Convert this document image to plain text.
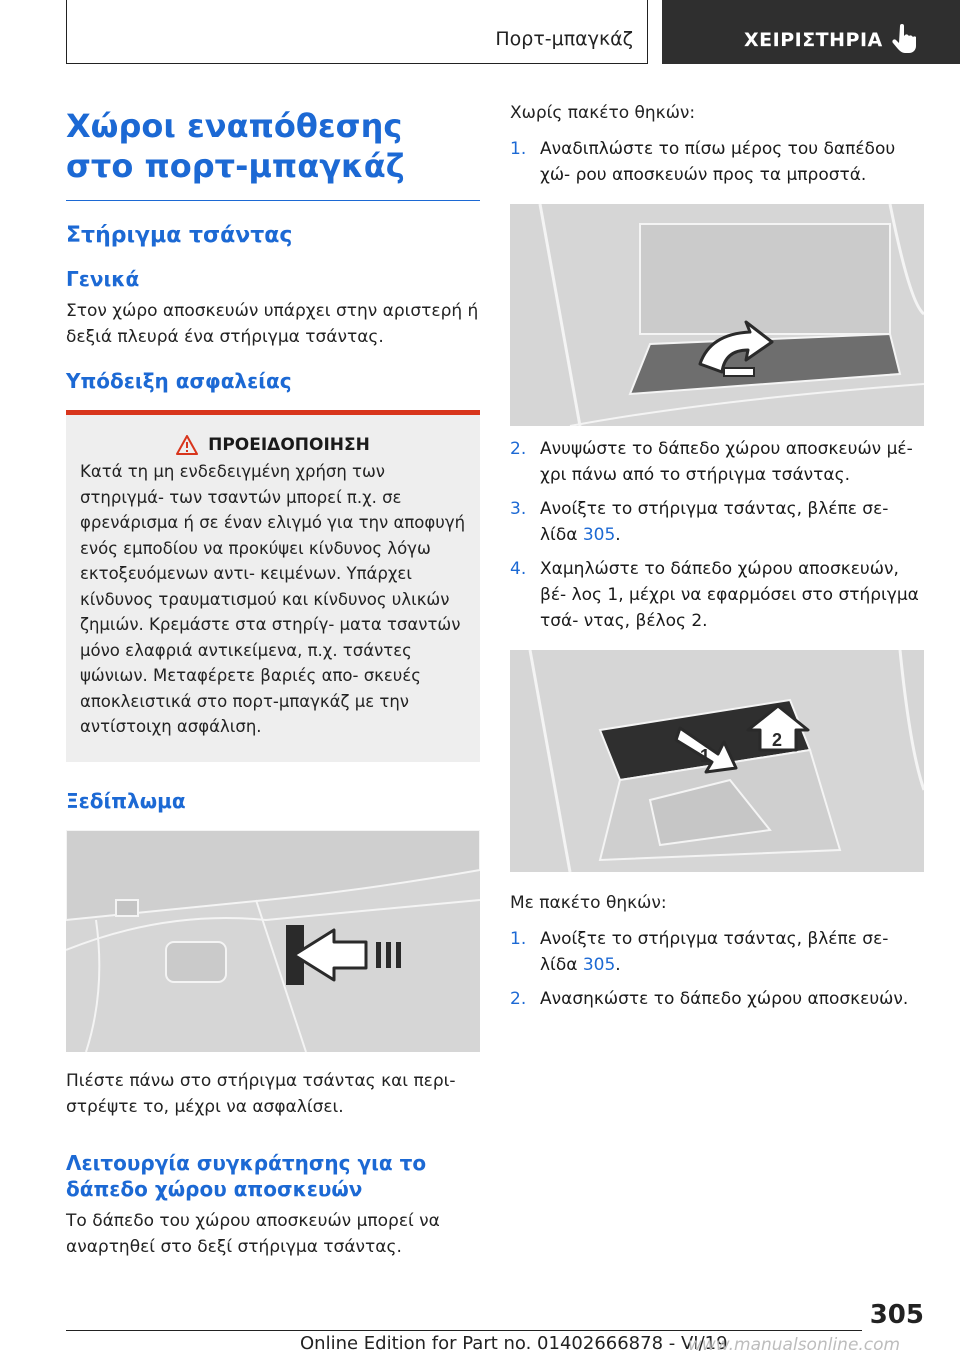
Πορτ-μπαγκάζ	ΧΕΙΡΙΣΤΗΡΙΑ
Χώροι εναπόθεσης στο πορτ-μπαγκάζ
Στήριγμα τσάντας
Γενικά

Στον χώρο αποσκευών υπάρχει στην αριστερή ή δεξιά πλευρά ένα στήριγμα τσάντας.

Υπόδειξη ασφαλείας
ΠΡΟΕΙΔΟΠΟΙΗΣΗ

Κατά τη μη ενδεδειγμένη χρήση των στηριγμά- των τσαντών μπορεί π.χ. σε φρενάρισμα ή σε έναν ελιγμό για την αποφυγή ενός εμποδίου να προκύψει κίνδυνος λόγω εκτοξευόμενων αντι- κειμένων. Υπάρχει κίνδυνος τραυματισμού και κίνδυνος υλικών ζημιών. Κρεμάστε στα στηρίγ- ματα τσαντών μόνο ελαφριά αντικείμενα, π.χ. τσάντες ψώνιων. Μεταφέρετε βαριές απο- σκευές αποκλειστικά στο πορτ-μπαγκάζ με την αντίστοιχη ασφάλιση.

Ξεδίπλωμα

Πιέστε πάνω στο στήριγμα τσάντας και περι- στρέψτε το, μέχρι να ασφαλίσει.

Λειτουργία συγκράτησης για το δάπεδο χώρου αποσκευών

Το δάπεδο του χώρου αποσκευών μπορεί να αναρτηθεί στο δεξί στήριγμα τσάντας.

Χωρίς πακέτο θηκών:

1. Αναδιπλώστε το πίσω μέρος του δαπέδου χώ- ρου αποσκευών προς τα μπροστά.
2. Ανυψώστε το δάπεδο χώρου αποσκευών μέ- χρι πάνω από το στήριγμα τσάντας.
3. Ανοίξτε το στήριγμα τσάντας, βλέπε σε- λίδα 305.
4. Χαμηλώστε το δάπεδο χώρου αποσκευών, βέ- λος 1, μέχρι να εφαρμόσει στο στήριγμα τσά- ντας, βέλος 2.
1
2

Με πακέτο θηκών:

1. Ανοίξτε το στήριγμα τσάντας, βλέπε σε- λίδα 305.
2. Ανασηκώστε το δάπεδο χώρου αποσκευών.
305
Online Edition for Part no. 01402666878 - VI/19
www.manualsonline.com
